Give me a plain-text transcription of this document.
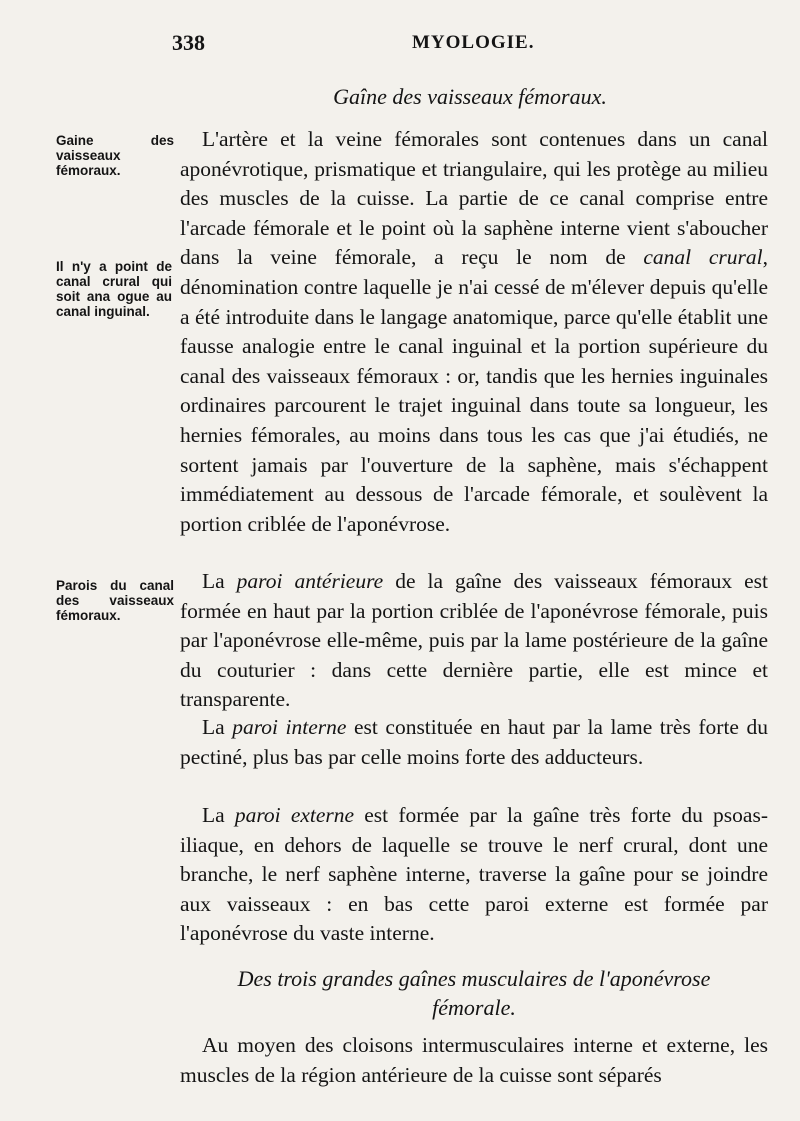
338	MYOLOGIE.
Gaîne des vaisseaux fémoraux.
Gaine des vaisseaux fémoraux.
Il n'y a point de canal crural qui soit ana ogue au canal inguinal.
Parois du canal des vaisseaux fémoraux.

L'artère et la veine fémorales sont contenues dans un canal aponévrotique, prismatique et triangulaire, qui les protège au milieu des muscles de la cuisse. La partie de ce canal comprise entre l'arcade fémorale et le point où la saphène interne vient s'aboucher dans la veine fémorale, a reçu le nom de canal crural, dénomination contre laquelle je n'ai cessé de m'élever depuis qu'elle a été introduite dans le langage anatomique, parce qu'elle établit une fausse analogie entre le canal inguinal et la portion supérieure du canal des vaisseaux fémoraux : or, tandis que les hernies inguinales ordinaires parcourent le trajet inguinal dans toute sa longueur, les hernies fémorales, au moins dans tous les cas que j'ai étudiés, ne sortent jamais par l'ouverture de la saphène, mais s'échappent immédiatement au dessous de l'arcade fémorale, et soulèvent la portion criblée de l'aponévrose.

La paroi antérieure de la gaîne des vaisseaux fémoraux est formée en haut par la portion criblée de l'aponévrose fémorale, puis par l'aponévrose elle-même, puis par la lame postérieure de la gaîne du couturier : dans cette dernière partie, elle est mince et transparente.

La paroi interne est constituée en haut par la lame très forte du pectiné, plus bas par celle moins forte des adducteurs.

La paroi externe est formée par la gaîne très forte du psoas-iliaque, en dehors de laquelle se trouve le nerf crural, dont une branche, le nerf saphène interne, traverse la gaîne pour se joindre aux vaisseaux : en bas cette paroi externe est formée par l'aponévrose du vaste interne.

Des trois grandes gaînes musculaires de l'aponévrose
fémorale.

Au moyen des cloisons intermusculaires interne et externe, les muscles de la région antérieure de la cuisse sont séparés
